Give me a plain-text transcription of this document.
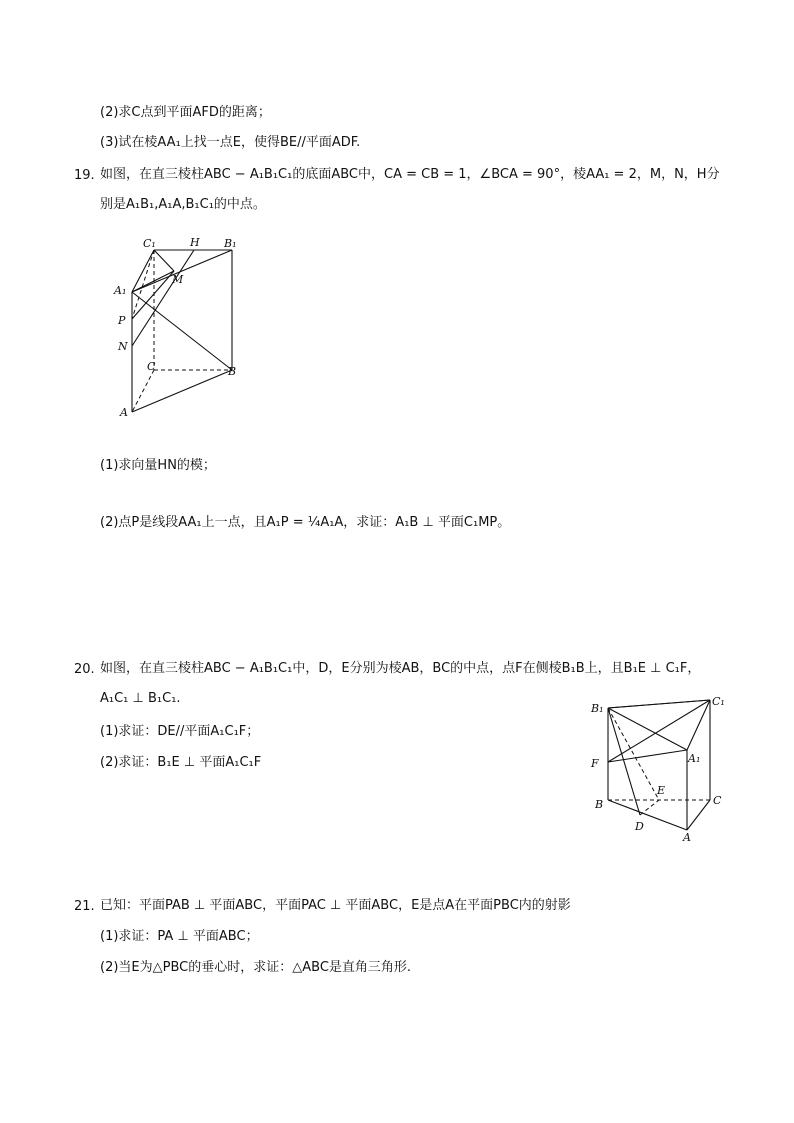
(2)求C点到平面AFD的距离；
(3)试在棱AA₁上找一点E，使得BE//平面ADF.
19. 如图，在直三棱柱ABC − A₁B₁C₁的底面ABC中，CA = CB = 1，∠BCA = 90°，棱AA₁ = 2，M，N，H分
别是A₁B₁,A₁A,B₁C₁的中点。
C₁	H B₁
A₁
M
P
N
C	B
A
(1)求向量HN的模；
(2)点P是线段AA₁上一点，且A₁P = ¼A₁A，求证：A₁B ⊥ 平面C₁MP。
20. 如图，在直三棱柱ABC − A₁B₁C₁中，D，E分别为棱AB，BC的中点，点F在侧棱B₁B上，且B₁E ⊥ C₁F，
A₁C₁ ⊥ B₁C₁.
(1)求证：DE//平面A₁C₁F；
(2)求证：B₁E ⊥ 平面A₁C₁F
B₁
C₁
F	A₁
E
B	C
D
A
21. 已知：平面PAB ⊥ 平面ABC，平面PAC ⊥ 平面ABC，E是点A在平面PBC内的射影
(1)求证：PA ⊥ 平面ABC；
(2)当E为△PBC的垂心时，求证：△ABC是直角三角形.
